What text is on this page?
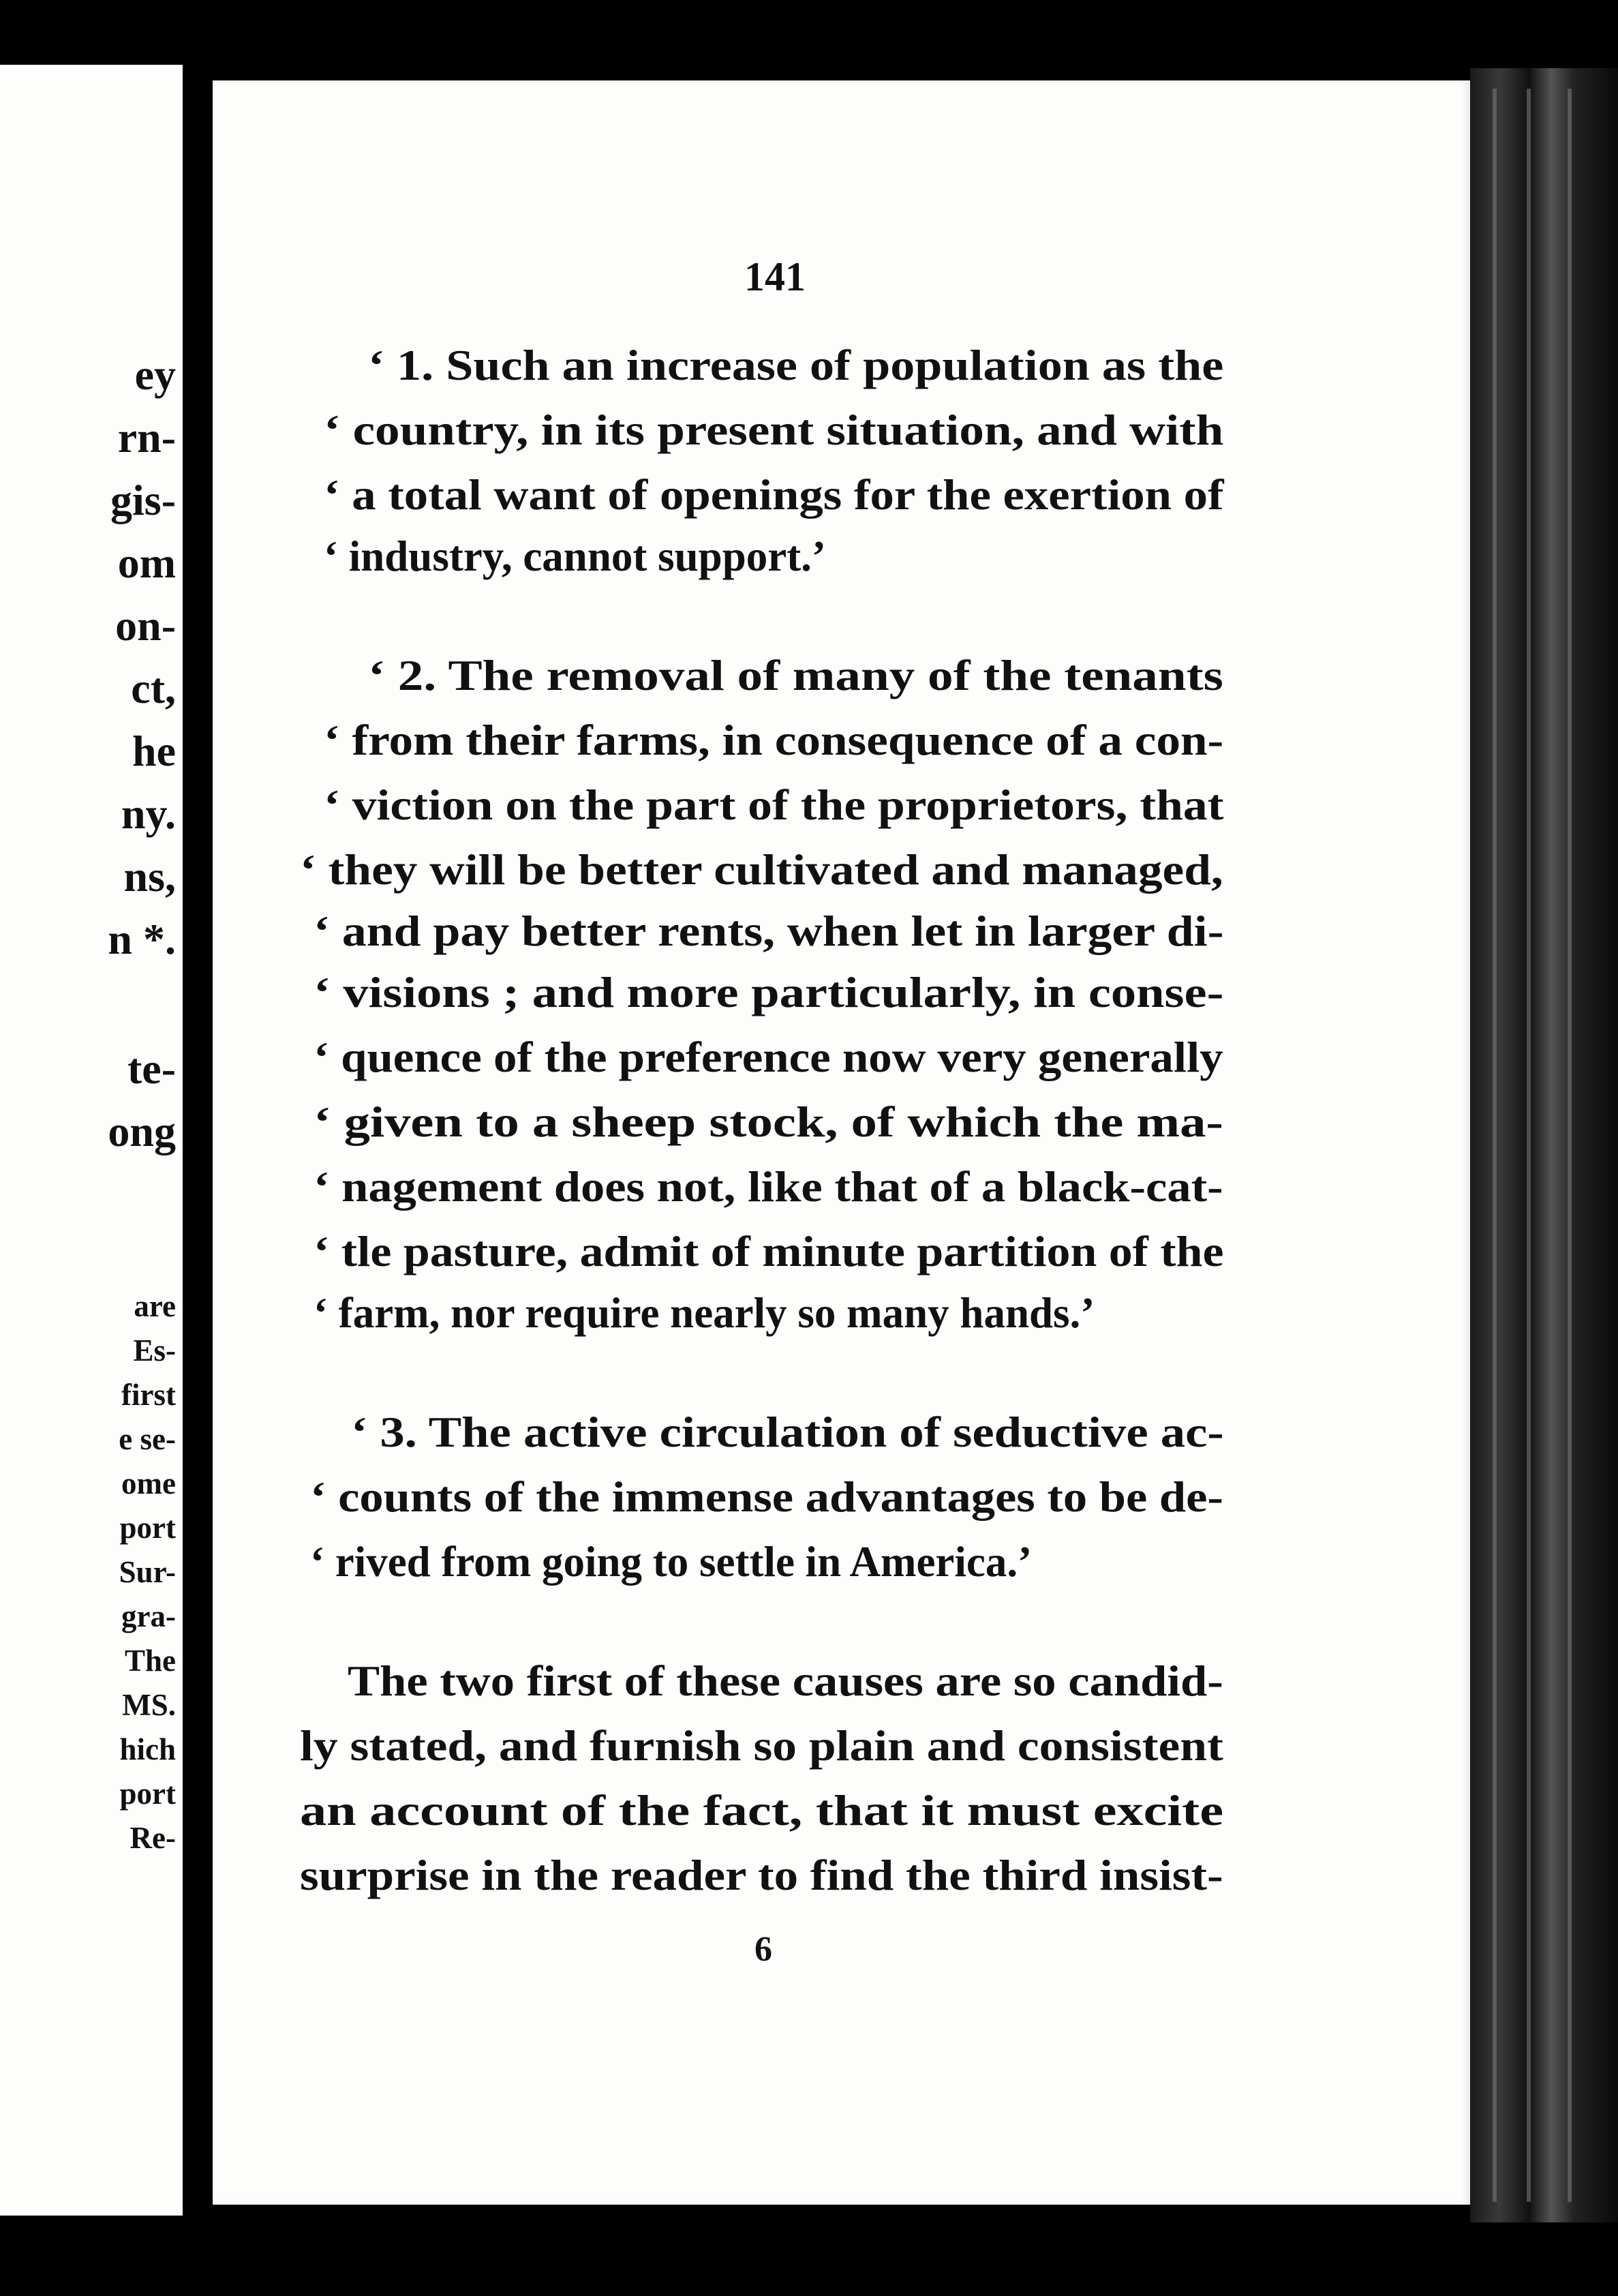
ey
rn-
gis-
om
on-
ct,
he
ny.
ns,
n *.
te-
ong
are
Es-
first
e se-
ome
port
Sur-
gra-
The
MS.
hich
port
Re-
141
‘ 1. Such an increase of population as the
‘ country, in its present situation, and with
‘ a total want of openings for the exertion of
‘ industry, cannot support.’
‘ 2. The removal of many of the tenants
‘ from their farms, in consequence of a con-
‘ viction on the part of the proprietors, that
‘ they will be better cultivated and managed,
‘ and pay better rents, when let in larger di-
‘ visions ; and more particularly, in conse-
‘ quence of the preference now very generally
‘ given to a sheep stock, of which the ma-
‘ nagement does not, like that of a black-cat-
‘ tle pasture, admit of minute partition of the
‘ farm, nor require nearly so many hands.’
‘ 3. The active circulation of seductive ac-
‘ counts of the immense advantages to be de-
‘ rived from going to settle in America.’
The two first of these causes are so candid-
ly stated, and furnish so plain and consistent
an account of the fact, that it must excite
surprise in the reader to find the third insist-
6
